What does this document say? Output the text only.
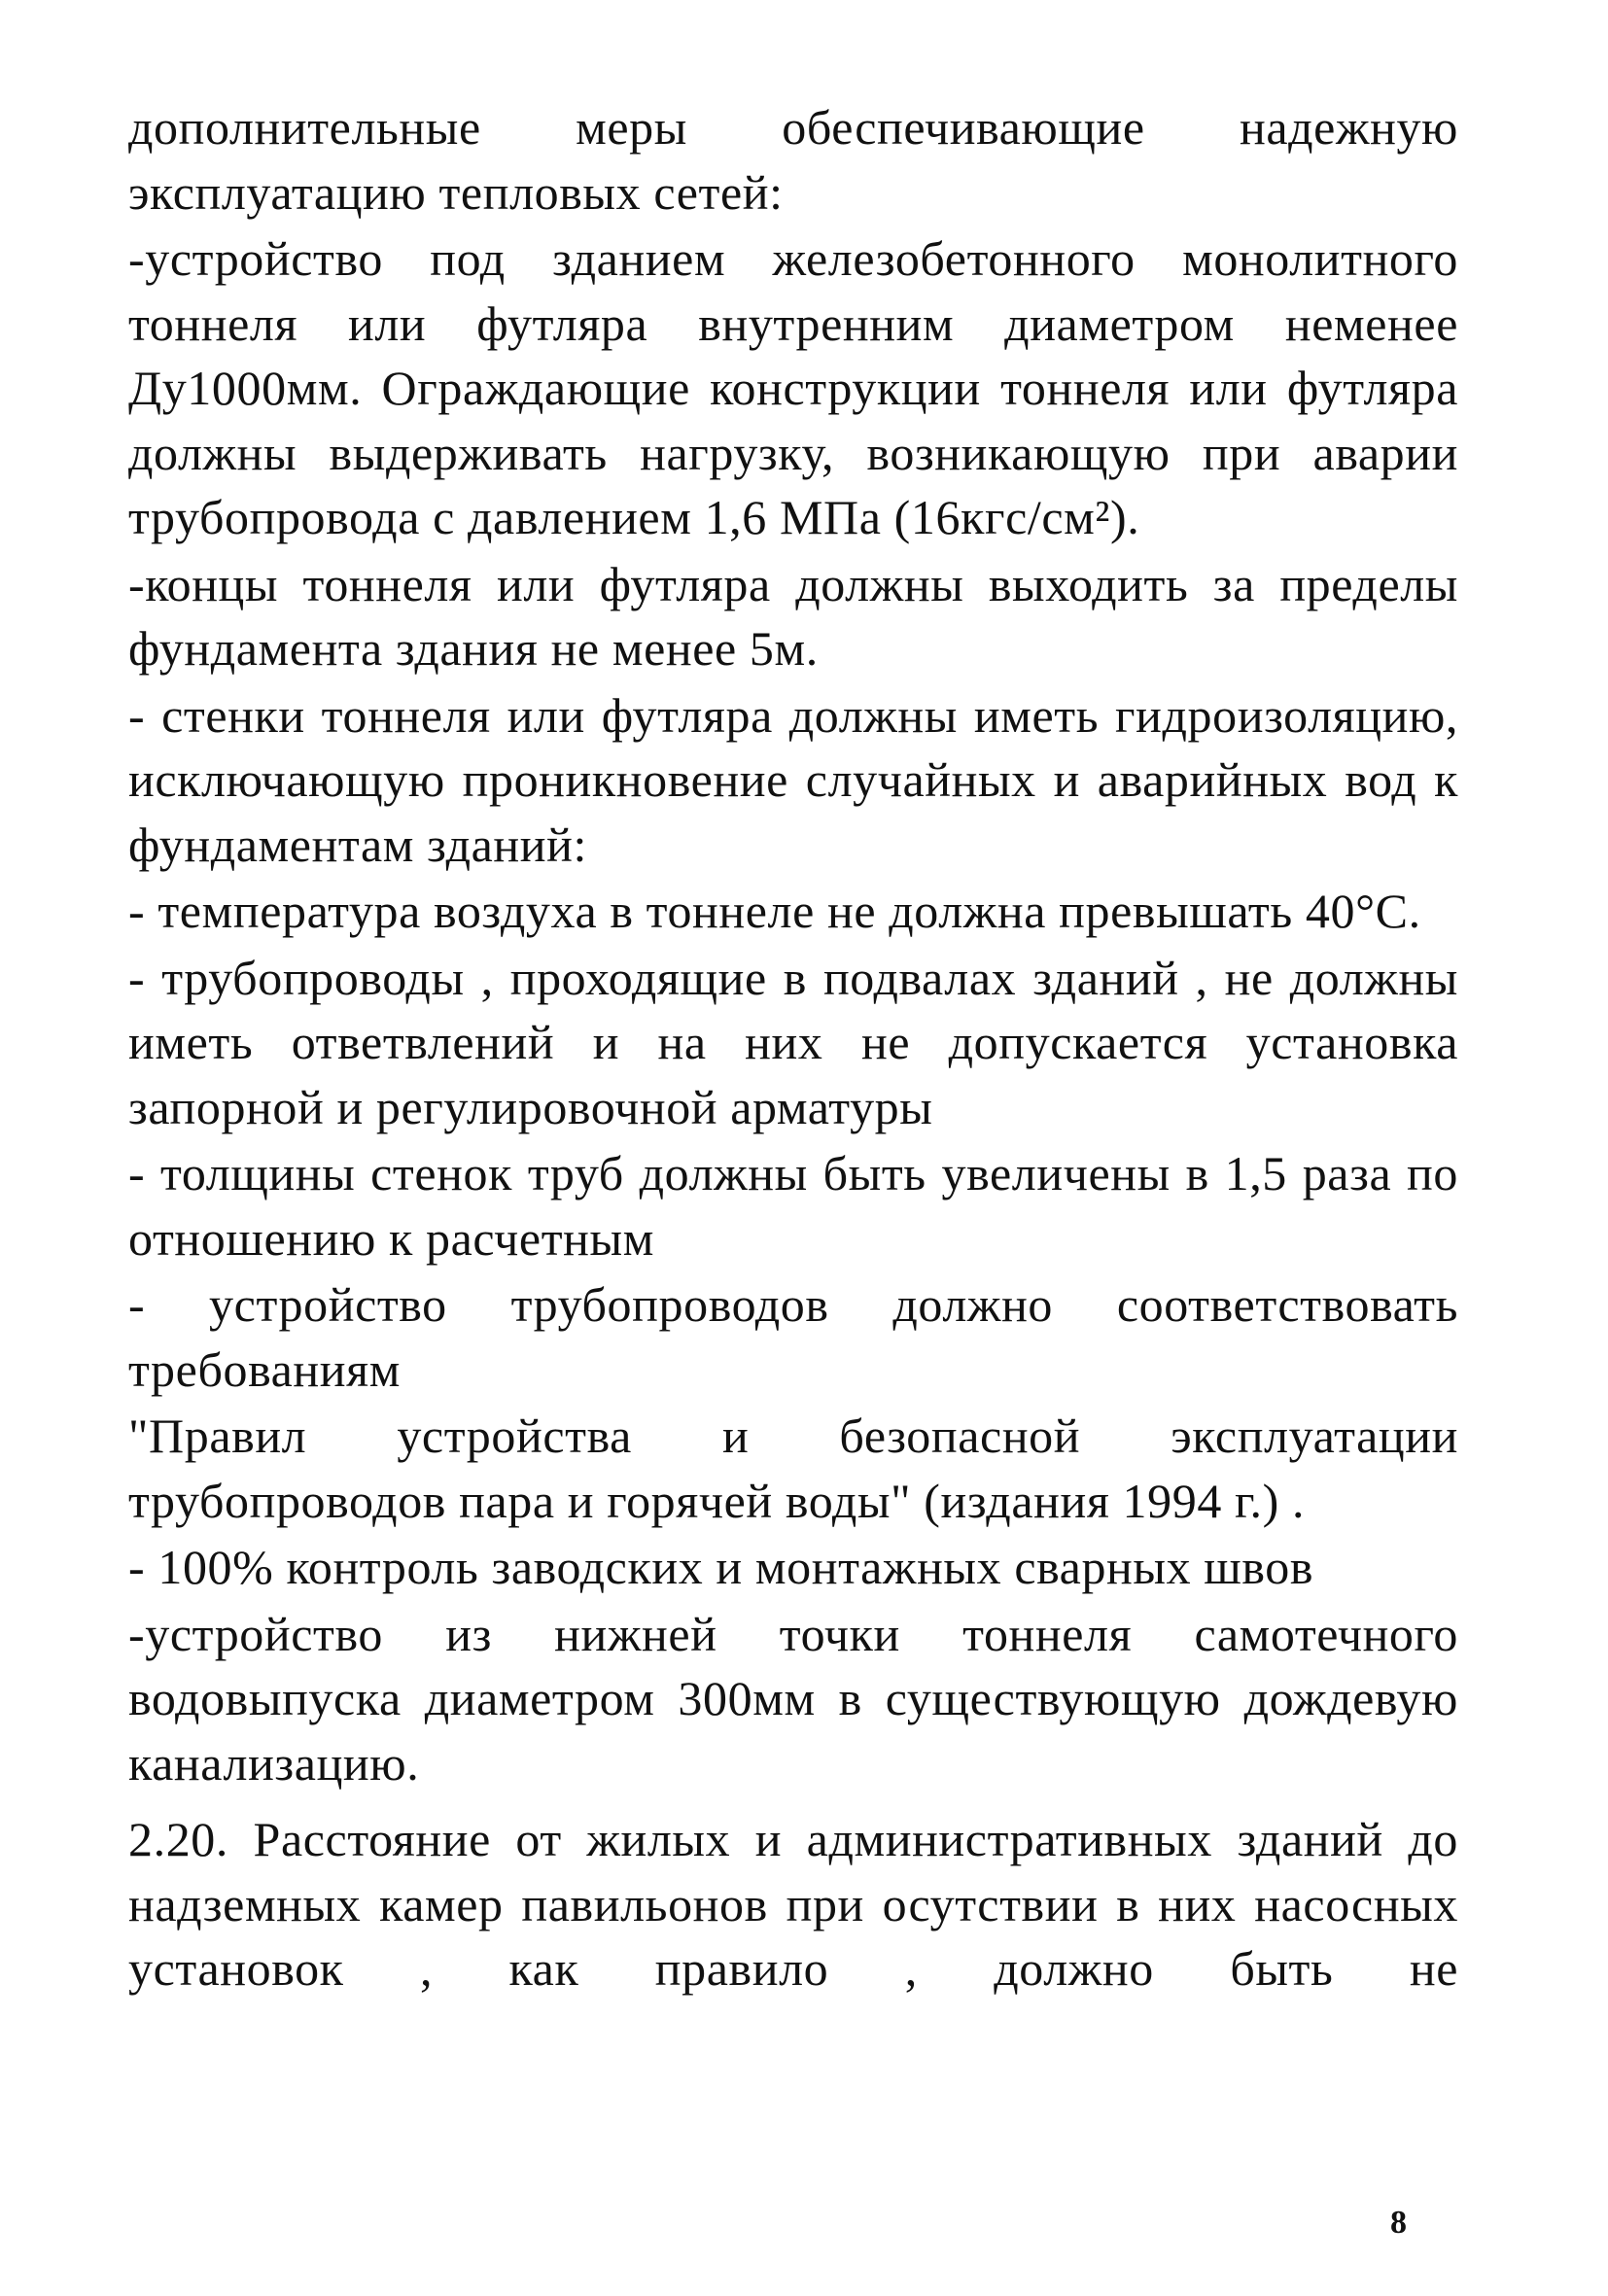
дополнительные меры обеспечивающие надежную эксплуатацию тепловых сетей:

-устройство под зданием железобетонного монолитного тоннеля или футляра внутренним диаметром неменее Ду1000мм. Ограждающие конструкции тоннеля или футляра должны выдерживать нагрузку, возникающую при аварии трубопровода с давлением 1,6 МПа (16кгс/см²).

-концы тоннеля или футляра должны выходить за пределы фундамента здания не менее 5м.

- стенки тоннеля или футляра должны иметь гидроизоляцию, исключающую проникновение случайных и аварийных вод к фундаментам зданий:

- температура воздуха в тоннеле не должна превышать 40°С.

- трубопроводы , проходящие в подвалах зданий , не должны иметь ответвлений и на них не допускается установка запорной и регулировочной арматуры

- толщины стенок труб должны быть увеличены в 1,5 раза по отношению к расчетным

- устройство трубопроводов должно соответствовать требованиям

"Правил устройства и безопасной эксплуатации трубопроводов пара и горячей воды" (издания 1994 г.) .

- 100% контроль заводских и монтажных сварных швов

-устройство из нижней точки тоннеля самотечного водовыпуска диаметром 300мм в существующую дождевую канализацию.

2.20. Расстояние от жилых и административных зданий до надземных камер павильонов при осутствии в них насосных установок , как правило , должно быть не

8
